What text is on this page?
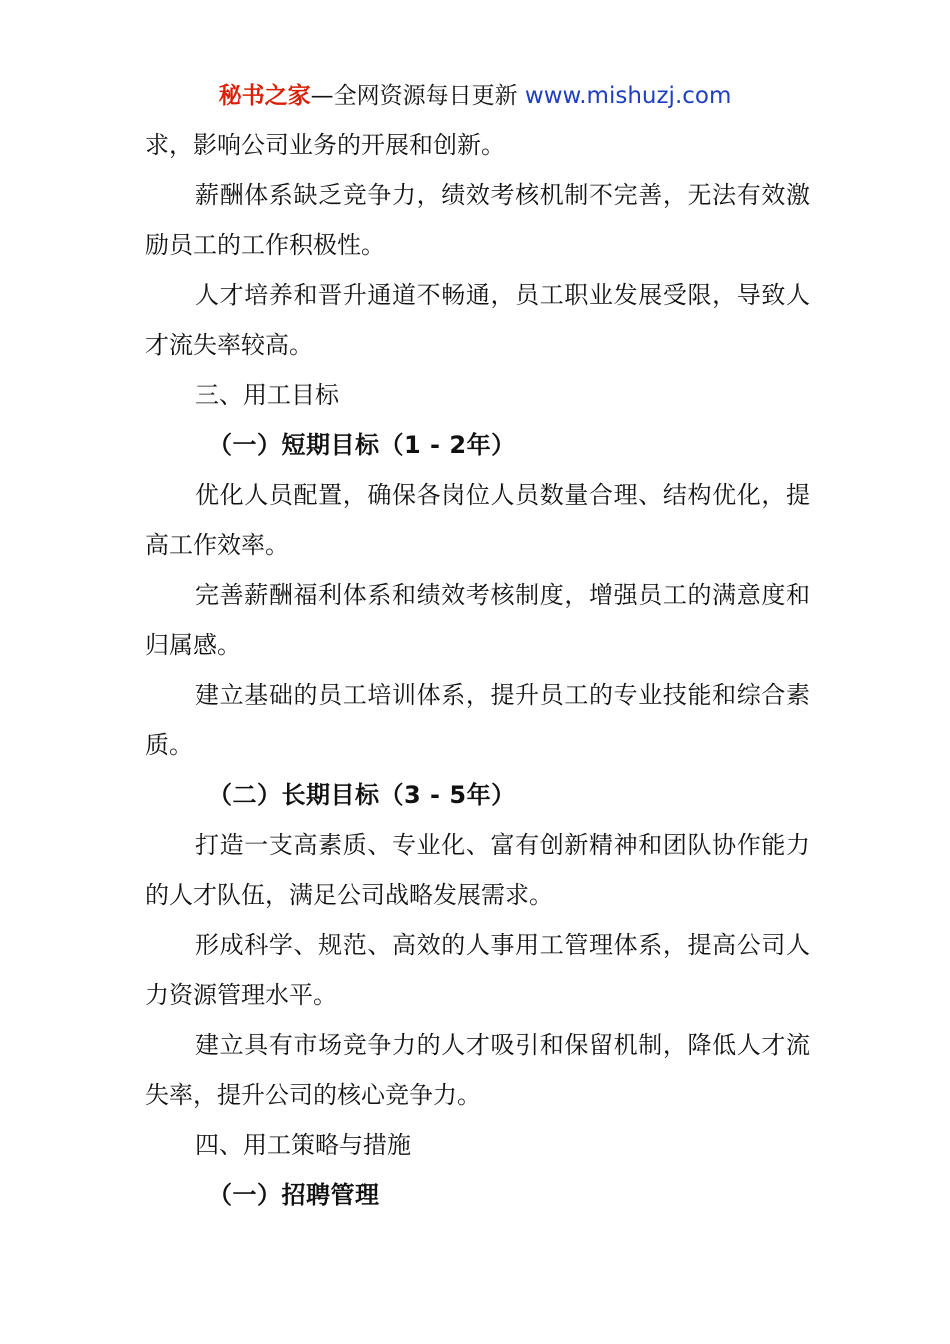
秘书之家—全网资源每日更新 www.mishuzj.com

求，影响公司业务的开展和创新。

薪酬体系缺乏竞争力，绩效考核机制不完善，无法有效激励员工的工作积极性。

人才培养和晋升通道不畅通，员工职业发展受限，导致人才流失率较高。

三、用工目标

（一）短期目标（1 - 2年）

优化人员配置，确保各岗位人员数量合理、结构优化，提高工作效率。

完善薪酬福利体系和绩效考核制度，增强员工的满意度和归属感。

建立基础的员工培训体系，提升员工的专业技能和综合素质。

（二）长期目标（3 - 5年）

打造一支高素质、专业化、富有创新精神和团队协作能力的人才队伍，满足公司战略发展需求。

形成科学、规范、高效的人事用工管理体系，提高公司人力资源管理水平。

建立具有市场竞争力的人才吸引和保留机制，降低人才流失率，提升公司的核心竞争力。

四、用工策略与措施

（一）招聘管理
